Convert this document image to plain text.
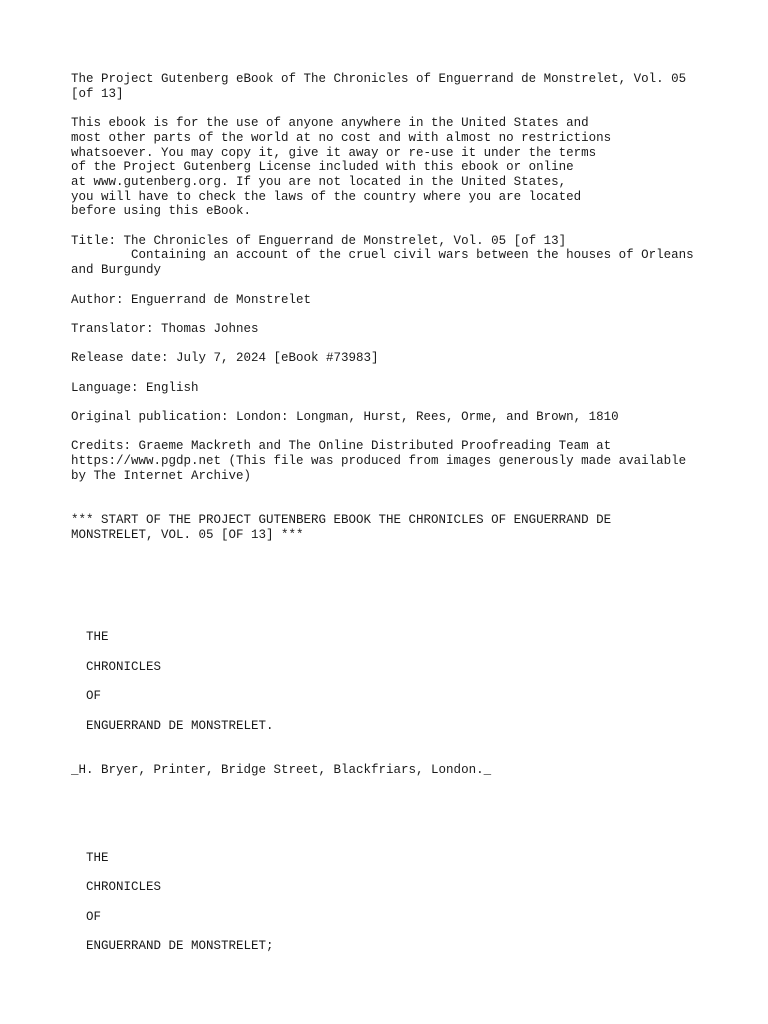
The Project Gutenberg eBook of The Chronicles of Enguerrand de Monstrelet, Vol. 05
[of 13]
This ebook is for the use of anyone anywhere in the United States and
most other parts of the world at no cost and with almost no restrictions
whatsoever. You may copy it, give it away or re-use it under the terms
of the Project Gutenberg License included with this ebook or online
at www.gutenberg.org. If you are not located in the United States,
you will have to check the laws of the country where you are located
before using this eBook.
Title: The Chronicles of Enguerrand de Monstrelet, Vol. 05 [of 13]
Containing an account of the cruel civil wars between the houses of Orleans
and Burgundy
Author: Enguerrand de Monstrelet
Translator: Thomas Johnes
Release date: July 7, 2024 [eBook #73983]
Language: English
Original publication: London: Longman, Hurst, Rees, Orme, and Brown, 1810
Credits: Graeme Mackreth and The Online Distributed Proofreading Team at
https://www.pgdp.net (This file was produced from images generously made available
by The Internet Archive)
*** START OF THE PROJECT GUTENBERG EBOOK THE CHRONICLES OF ENGUERRAND DE
MONSTRELET, VOL. 05 [OF 13] ***
THE
CHRONICLES
OF
ENGUERRAND DE MONSTRELET.
_H. Bryer, Printer, Bridge Street, Blackfriars, London._
THE
CHRONICLES
OF
ENGUERRAND DE MONSTRELET;
